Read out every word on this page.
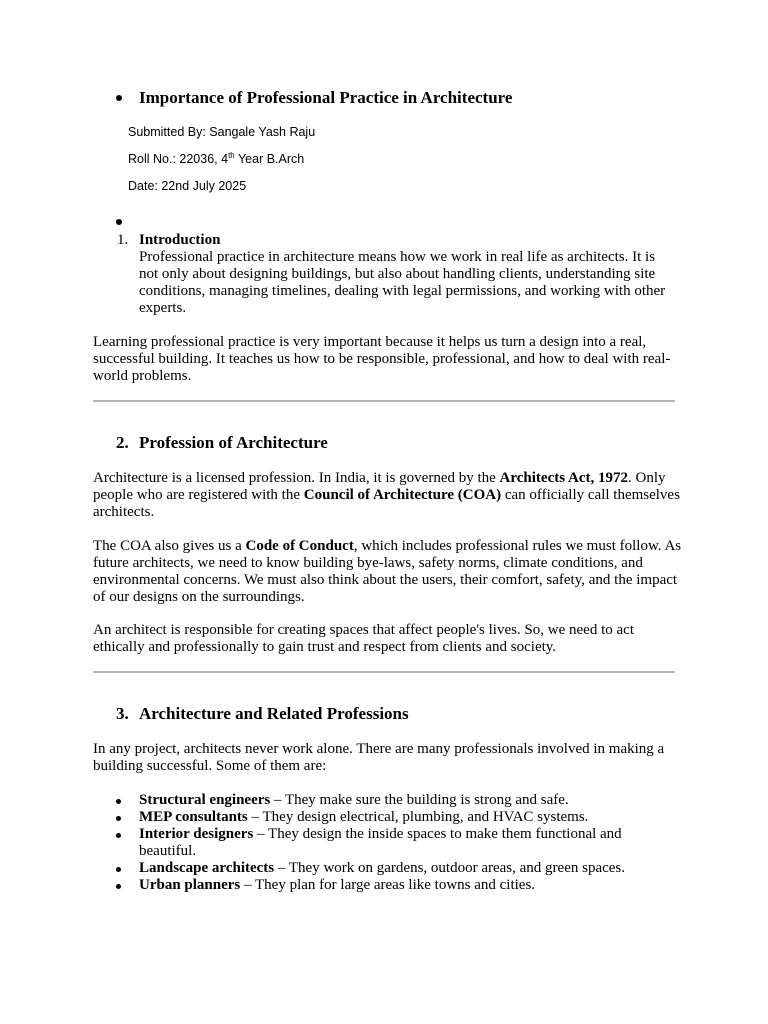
Importance of Professional Practice in Architecture
Submitted By: Sangale Yash Raju
Roll No.: 22036, 4th Year B.Arch
Date: 22nd July 2025
1. Introduction
Professional practice in architecture means how we work in real life as architects. It is not only about designing buildings, but also about handling clients, understanding site conditions, managing timelines, dealing with legal permissions, and working with other experts.
Learning professional practice is very important because it helps us turn a design into a real, successful building. It teaches us how to be responsible, professional, and how to deal with real-world problems.
2. Profession of Architecture
Architecture is a licensed profession. In India, it is governed by the Architects Act, 1972. Only people who are registered with the Council of Architecture (COA) can officially call themselves architects.
The COA also gives us a Code of Conduct, which includes professional rules we must follow. As future architects, we need to know building bye-laws, safety norms, climate conditions, and environmental concerns. We must also think about the users, their comfort, safety, and the impact of our designs on the surroundings.
An architect is responsible for creating spaces that affect people's lives. So, we need to act ethically and professionally to gain trust and respect from clients and society.
3. Architecture and Related Professions
In any project, architects never work alone. There are many professionals involved in making a building successful. Some of them are:
Structural engineers – They make sure the building is strong and safe.
MEP consultants – They design electrical, plumbing, and HVAC systems.
Interior designers – They design the inside spaces to make them functional and beautiful.
Landscape architects – They work on gardens, outdoor areas, and green spaces.
Urban planners – They plan for large areas like towns and cities.
